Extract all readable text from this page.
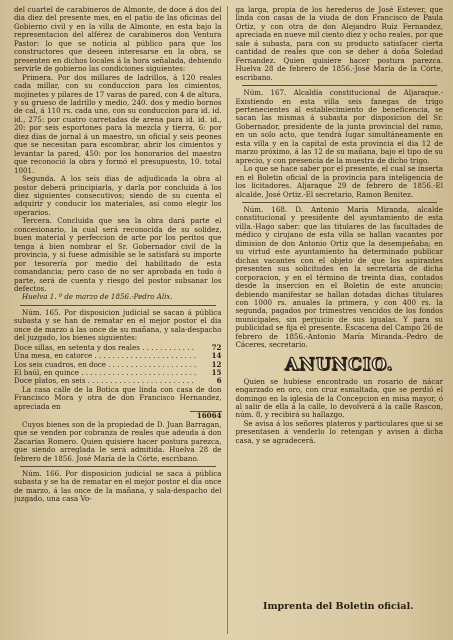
del cuartel de carabineros de Almonte, de doce á dos del dia diez del presente mes, en el patio de las oficinas del Gobierno civil y en la villa de Almonte, en esta bajo la representacion del alférez de carabineros don Ventura Pastor: lo que se notícia al público para que los constructores que deseen interesarse en la obra, se presenten en dichos locales á la hora señalada, debiendo servirle de gobierno las condiciones siguientes:

Primera. Por dos millares de ladrillos, á 120 reales cada millar, con su conduccion para los cimientos, mojinetes y pilares de 17 varas de pared, con 4 de altura, y su grueso de ladrillo y medio, 240. dos y medio bornos de cal, á 110 rs. cada uno, con su conduccion para id. id. id., 275: por cuatro carretadas de arena para id. id. id., 20: por seis esportones para la mezcla y tierra, 6: por diez dias de jornal á un maestro, un oficial y seis peones que se necesitan para escombrar, abrir los cimientos y levantar la pared, 450: por los honorarios del maestro que reconoció la obra y formó el presupuesto, 10. total 1001.

Segunda. A los seis dias de adjudicada la obra al postor deberá principiarla, y darla por concluida á los diez siguientes consecutivos; siendo de su cuenta el adquirir y conducir los materiales, así como elegir los operarios.

Tercera. Concluida que sea la obra dará parte el concesionario, la cual será reconocida de su solidez, buen material y perfeccion de arte por los peritos que tenga á bien nombrar el Sr. Gobernador civil de la provincia, y si fuese admisible se le satisfará su importe por tesorería por medio del habilitado de esta comandancia; pero caso de no ser aprobada en todo ó parte, será de cuenta y riesgo del postor subsanar los defectos.

Huelva 1. º de marzo de 1856.-Pedro Alix.

Núm. 165. Por disposicion judicial se sacan á pública subasta y se han de rematar en el mejor postor el dia once de marzo á las once de su mañana, y sala-despacho del juzgado, los bienes siguientes:

Doce sillas, en setenta y dos reales . . .	72
Una mesa, en catorce . . .	14
Los seis cuadros, en doce . . .	12
El baúl, en quince . . .	15
Doce platos, en seis . . .	6

La casa calle de la Botica que linda con casa de don Francisco Mora y otra de don Francisco Hernandez, apreciada en

16064

Cuyos bienes son de la propiedad de D. Juan Barragan, que se venden por cobranza de reales que adeuda á don Zacarías Romero. Quien quisiere hacer postura parezca, que siendo arreglada le será admitida. Huelva 28 de febrero de 1856. José María de la Córte, escribano.

Núm. 166. Por disposicion judicial se saca á pública subasta y se ha de rematar en el mejor postor el dia once de marzo, á las once de la mañana, y sala-despacho del juzgado, una casa Vo-

ga larga, propia de los herederos de José Estever, que linda con casas de la viuda de don Francisco de Paula Ortiz, y con otra de don Alejandro Ruiz Fernandez, apreciada en nueve mil ciento diez y ocho reales, por que sale á subasta, para con su producto satisfacer cierta cantidad de reales que con se deber á doña Soledad Fernandez. Quien quisiere hacer postura parezca. Huelva 28 de febrero de 1856.-José María de la Córte, escribano.

Núm. 167. Alcaldía constitucional de Aljaraque.-Existiendo en esta villa seis fanegas de trigo pertenecientes al establecimiento de beneficencia, se sacan las mismas á subasta por disposicion del Sr. Gobernador, presidente de la junta provincial del ramo, en un solo acto, que tendrá lugar simultáneamente en esta villa y en la capital de esta provincia el dia 12 de marzo próximo, á las 12 de su mañana, bajo el tipo de su aprecio, y con presencia de la muestra de dicho trigo.

Lo que se hace saber por el presente, el cual se inserta en el Boletin oficial de la provincia para inteligencia de los licitadores. Aljaraque 29 de febrero de 1856.-El alcalde, José Ortiz.-El secretario, Ramon Benitez.

Núm. 168. D. Antonio María Miranda, alcalde constitucional y presidente del ayuntamiento de esta villa.-Hago saber: que las titulares de las facultades de médico y cirujano de esta villa se hallan vacantes por dimision de don Antonio Ortiz que la desempeñaba; en su virtud este ayuntamiento ha determinado publicar dichas vacantes con el objeto de que los aspirantes presenten sus solicitudes en la secretaría de dicha corporacion, y en el término de treinta dias, contados desde la insercion en el Boletin de este anuncio; debiendo manifestar se hallan dotadas dichas titulares con 1000 rs. anuales la primera, y con 400 rs. la segunda, pagados por trimestres vencidos de los fondos municipales, sin perjuicio de sus igualas. Y para su publicidad se fija el presente. Escacena del Campo 26 de febrero de 1856.-Antonio María Miranda.-Pedro de Cáceres, secretario.

ANUNCIO.

Quien se hubiese encontrado un rosario de nácar engarzado en oro, con cruz esmaltada, que se perdió el domingo en la iglesia de la Concepcion en misa mayor, ó al salir de ella á la calle, lo devolverá á la calle Rascon, núm. 8, y recibirá su hallazgo.

Se avisa á los señores plateros y particulares que si se presentasen á venderlo lo retengan y avisen á dicha casa, y se agradecerá.

Imprenta del Boletin oficial.
